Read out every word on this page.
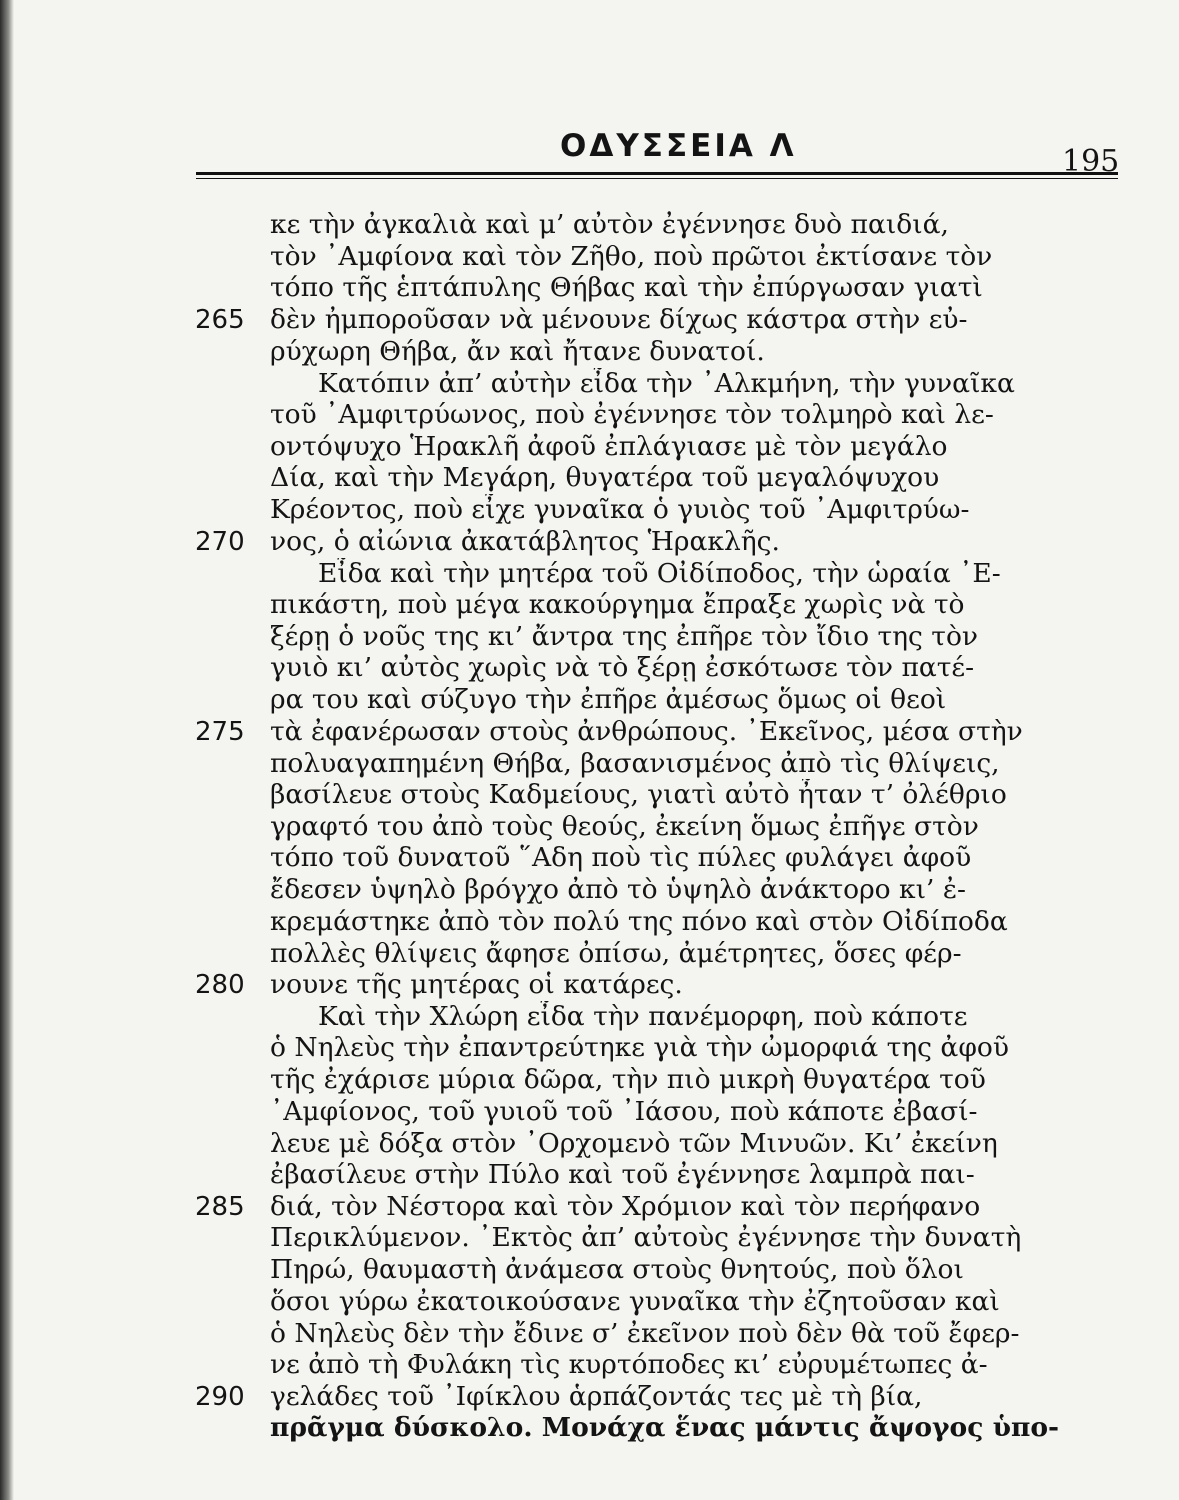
ΟΔΥΣΣΕΙΑ Λ	195
κε τὴν ἀγκαλιὰ καὶ μ’ αὐτὸν ἐγέννησε δυὸ παιδιά,
τὸν ᾿Αμφίονα καὶ τὸν Ζῆθο, ποὺ πρῶτοι ἐκτίσανε τὸν
τόπο τῆς ἑπτάπυλης Θήβας καὶ τὴν ἐπύργωσαν γιατὶ
265 δὲν ἠμποροῦσαν νὰ μένουνε δίχως κάστρα στὴν εὐ-
ρύχωρη Θήβα, ἄν καὶ ἤτανε δυνατοί.
Κατόπιν ἀπ’ αὐτὴν εἶδα τὴν ᾿Αλκμήνη, τὴν γυναῖκα
τοῦ ᾿Αμφιτρύωνος, ποὺ ἐγέννησε τὸν τολμηρὸ καὶ λε-
οντόψυχο Ἡρακλῆ ἀφοῦ ἐπλάγιασε μὲ τὸν μεγάλο
Δία, καὶ τὴν Μεγάρη, θυγατέρα τοῦ μεγαλόψυχου
Κρέοντος, ποὺ εἶχε γυναῖκα ὁ γυιὸς τοῦ ᾿Αμφιτρύω-
270 νος, ὁ αἰώνια ἀκατάβλητος Ἡρακλῆς.
Εἶδα καὶ τὴν μητέρα τοῦ Οἰδίποδος, τὴν ὡραία ᾿Ε-
πικάστη, ποὺ μέγα κακούργημα ἔπραξε χωρὶς νὰ τὸ
ξέρῃ ὁ νοῦς της κι’ ἄντρα της ἐπῆρε τὸν ἴδιο της τὸν
γυιὸ κι’ αὐτὸς χωρὶς νὰ τὸ ξέρῃ ἐσκότωσε τὸν πατέ-
ρα του καὶ σύζυγο τὴν ἐπῆρε ἀμέσως ὅμως οἱ θεοὶ
275 τὰ ἐφανέρωσαν στοὺς ἀνθρώπους. ᾿Εκεῖνος, μέσα στὴν
πολυαγαπημένη Θήβα, βασανισμένος ἀπὸ τὶς θλίψεις,
βασίλευε στοὺς Καδμείους, γιατὶ αὐτὸ ἦταν τ’ ὀλέθριο
γραφτό του ἀπὸ τοὺς θεούς, ἐκείνη ὅμως ἐπῆγε στὸν
τόπο τοῦ δυνατοῦ ῞Αδη ποὺ τὶς πύλες φυλάγει ἀφοῦ
ἔδεσεν ὑψηλὸ βρόγχο ἀπὸ τὸ ὑψηλὸ ἀνάκτορο κι’ ἐ-
κρεμάστηκε ἀπὸ τὸν πολύ της πόνο καὶ στὸν Οἰδίποδα
πολλὲς θλίψεις ἄφησε ὀπίσω, ἀμέτρητες, ὅσες φέρ-
280 νουνε τῆς μητέρας οἱ κατάρες.
Καὶ τὴν Χλώρη εἶδα τὴν πανέμορφη, ποὺ κάποτε
ὁ Νηλεὺς τὴν ἐπαντρεύτηκε γιὰ τὴν ὠμορφιά της ἀφοῦ
τῆς ἐχάρισε μύρια δῶρα, τὴν πιὸ μικρὴ θυγατέρα τοῦ
᾿Αμφίονος, τοῦ γυιοῦ τοῦ ᾿Ιάσου, ποὺ κάποτε ἐβασί-
λευε μὲ δόξα στὸν ᾿Ορχομενὸ τῶν Μινυῶν. Κι’ ἐκείνη
ἐβασίλευε στὴν Πύλο καὶ τοῦ ἐγέννησε λαμπρὰ παι-
285 διά, τὸν Νέστορα καὶ τὸν Χρόμιον καὶ τὸν περήφανο
Περικλύμενον. ᾿Εκτὸς ἀπ’ αὐτοὺς ἐγέννησε τὴν δυνατὴ
Πηρώ, θαυμαστὴ ἀνάμεσα στοὺς θνητούς, ποὺ ὅλοι
ὅσοι γύρω ἐκατοικούσανε γυναῖκα τὴν ἐζητοῦσαν καὶ
ὁ Νηλεὺς δὲν τὴν ἔδινε σ’ ἐκεῖνον ποὺ δὲν θὰ τοῦ ἔφερ-
νε ἀπὸ τὴ Φυλάκη τὶς κυρτόποδες κι’ εὐρυμέτωπες ἀ-
290 γελάδες τοῦ ᾿Ιφίκλου ἁρπάζοντάς τες μὲ τὴ βία,
πρᾶγμα δύσκολο. Μονάχα ἕνας μάντις ἄψογος ὑπο-
